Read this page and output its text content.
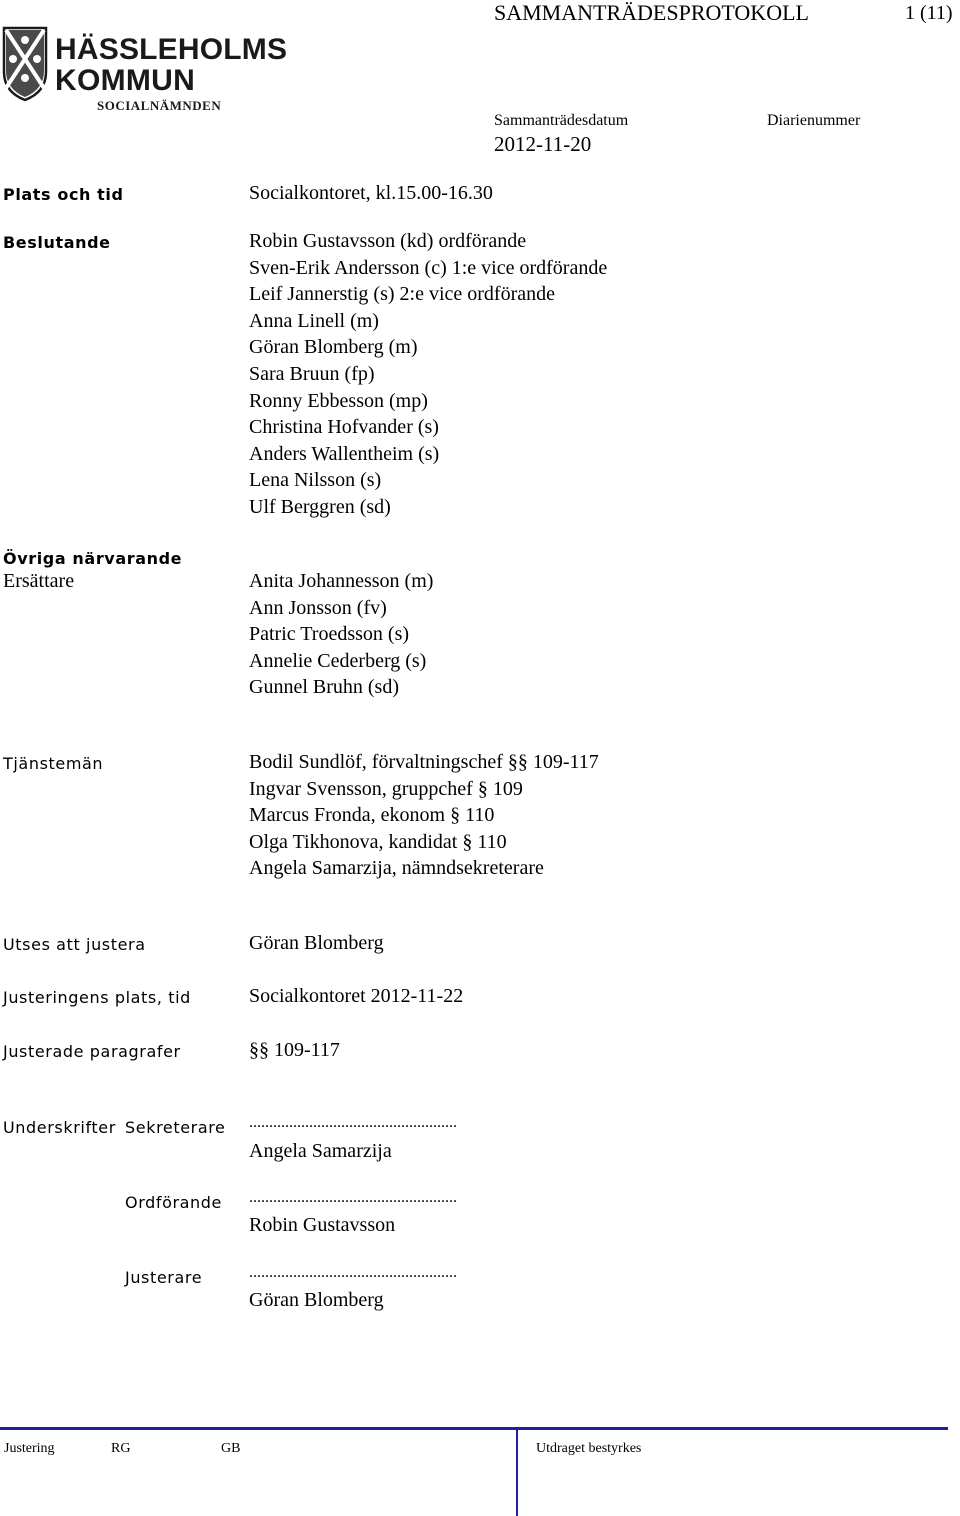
HÄSSLEHOLMS
KOMMUN
SOCIALNÄMNDEN
SAMMANTRÄDESPROTOKOLL	1 (11)
Sammanträdesdatum	Diarienummer
2012-11-20
Plats och tid	Socialkontoret, kl.15.00-16.30
Beslutande	Robin Gustavsson (kd) ordförande
Sven-Erik Andersson (c) 1:e vice ordförande
Leif Jannerstig (s) 2:e vice ordförande
Anna Linell (m)
Göran Blomberg (m)
Sara Bruun (fp)
Ronny Ebbesson (mp)
Christina Hofvander (s)
Anders Wallentheim (s)
Lena Nilsson (s)
Ulf Berggren (sd)
Övriga närvarande
Ersättare	Anita Johannesson (m)
Ann Jonsson (fv)
Patric Troedsson (s)
Annelie Cederberg (s)
Gunnel Bruhn (sd)
Tjänstemän	Bodil Sundlöf, förvaltningschef §§ 109-117
Ingvar Svensson, gruppchef § 109
Marcus Fronda, ekonom § 110
Olga Tikhonova, kandidat § 110
Angela Samarzija, nämndsekreterare
Utses att justera	Göran Blomberg
Justeringens plats, tid	Socialkontoret 2012-11-22
Justerade paragrafer	§§ 109-117
Underskrifter Sekreterare ....................................................
Angela Samarzija
Ordförande ....................................................
Robin Gustavsson
Justerare	....................................................
Göran Blomberg
Justering	RG	GB	Utdraget bestyrkes
